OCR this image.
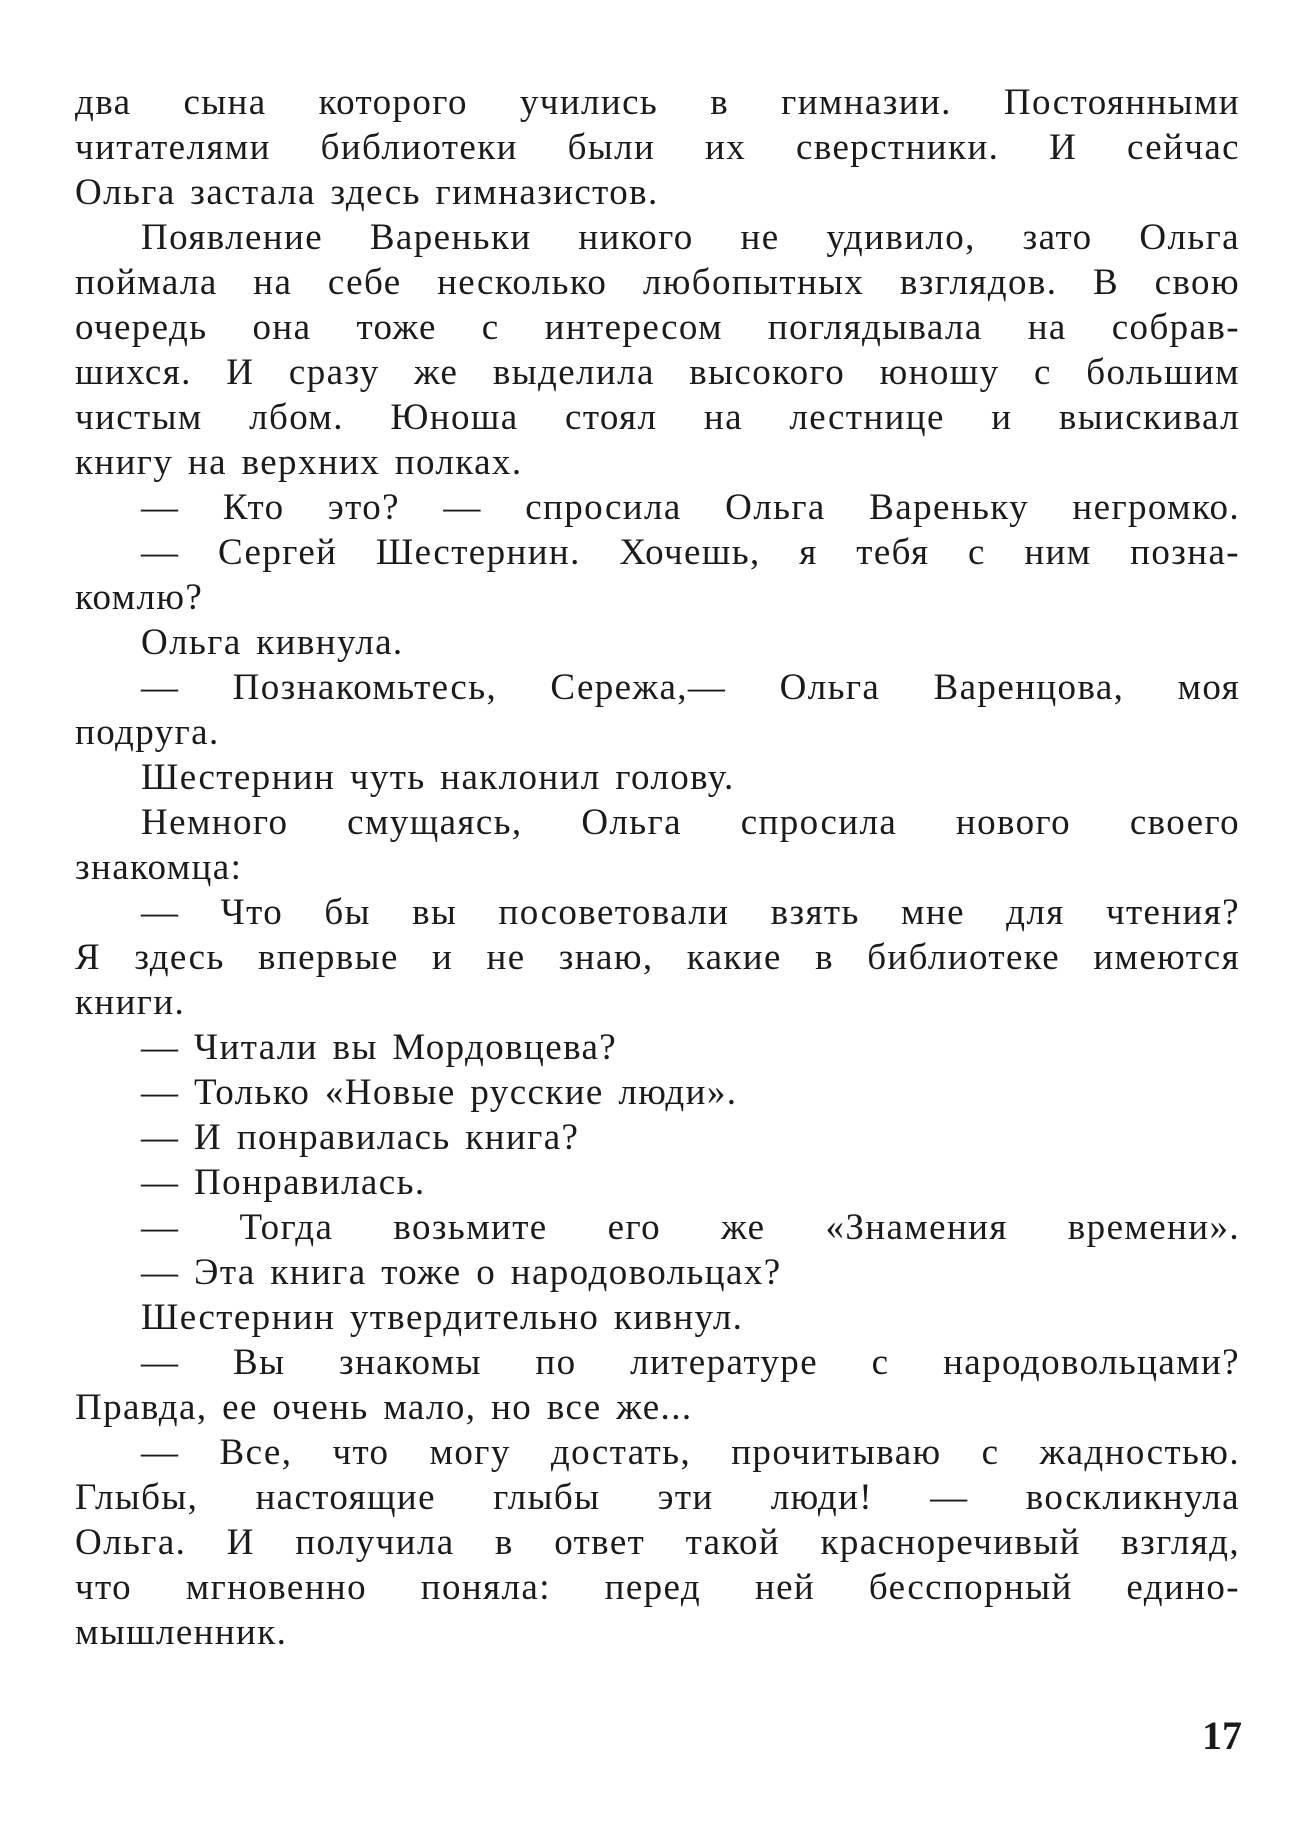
два сына которого учились в гимназии. Постоянными
читателями библиотеки были их сверстники. И сейчас
Ольга застала здесь гимназистов.
Появление Вареньки никого не удивило, зато Ольга
поймала на себе несколько любопытных взглядов. В свою
очередь она тоже с интересом поглядывала на собрав-
шихся. И сразу же выделила высокого юношу с большим
чистым лбом. Юноша стоял на лестнице и выискивал
книгу на верхних полках.
— Кто это? — спросила Ольга Вареньку негромко.
— Сергей Шестернин. Хочешь, я тебя с ним позна-
комлю?
Ольга кивнула.
— Познакомьтесь, Сережа,— Ольга Варенцова, моя
подруга.
Шестернин чуть наклонил голову.
Немного смущаясь, Ольга спросила нового своего
знакомца:
— Что бы вы посоветовали взять мне для чтения?
Я здесь впервые и не знаю, какие в библиотеке имеются
книги.
— Читали вы Мордовцева?
— Только «Новые русские люди».
— И понравилась книга?
— Понравилась.
— Тогда возьмите его же «Знамения времени».
— Эта книга тоже о народовольцах?
Шестернин утвердительно кивнул.
— Вы знакомы по литературе с народовольцами?
Правда, ее очень мало, но все же...
— Все, что могу достать, прочитываю с жадностью.
Глыбы, настоящие глыбы эти люди! — воскликнула
Ольга. И получила в ответ такой красноречивый взгляд,
что мгновенно поняла: перед ней бесспорный едино-
мышленник.
17
